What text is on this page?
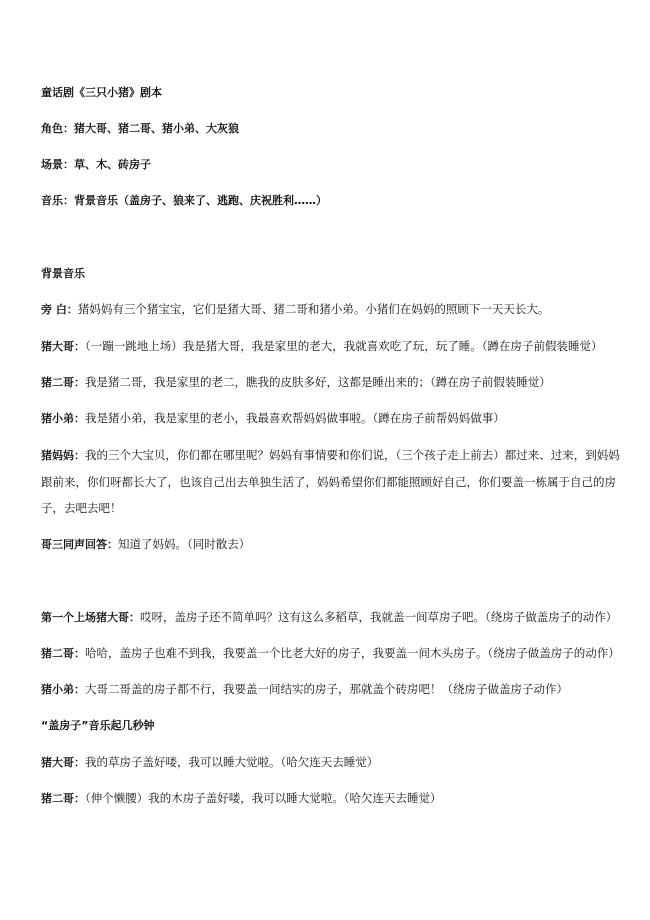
童话剧《三只小猪》剧本
角色：猪大哥、猪二哥、猪小弟、大灰狼
场景：草、木、砖房子
音乐：背景音乐（盖房子、狼来了、逃跑、庆祝胜利……）
背景音乐
旁 白：猪妈妈有三个猪宝宝，它们是猪大哥、猪二哥和猪小弟。小猪们在妈妈的照顾下一天天长大。
猪大哥：（一蹦一跳地上场）我是猪大哥，我是家里的老大，我就喜欢吃了玩，玩了睡。（蹲在房子前假装睡觉）
猪二哥：我是猪二哥，我是家里的老二，瞧我的皮肤多好，这都是睡出来的；（蹲在房子前假装睡觉）
猪小弟：我是猪小弟，我是家里的老小，我最喜欢帮妈妈做事啦。（蹲在房子前帮妈妈做事）
猪妈妈：我的三个大宝贝，你们都在哪里呢？妈妈有事情要和你们说，（三个孩子走上前去）都过来、过来，到妈妈跟前来，你们呀都长大了，也该自己出去单独生活了，妈妈希望你们都能照顾好自己，你们要盖一栋属于自己的房子，去吧去吧！
哥三同声回答：知道了妈妈。（同时散去）
第一个上场猪大哥：哎呀，盖房子还不简单吗？这有这么多稻草，我就盖一间草房子吧。（绕房子做盖房子的动作）
猪二哥：哈哈，盖房子也难不到我，我要盖一个比老大好的房子，我要盖一间木头房子。（绕房子做盖房子的动作）
猪小弟：大哥二哥盖的房子都不行，我要盖一间结实的房子，那就盖个砖房吧！（绕房子做盖房子动作）
“盖房子”音乐起几秒钟
猪大哥：我的草房子盖好喽，我可以睡大觉啦。（哈欠连天去睡觉）
猪二哥：（伸个懒腰）我的木房子盖好喽，我可以睡大觉啦。（哈欠连天去睡觉）
